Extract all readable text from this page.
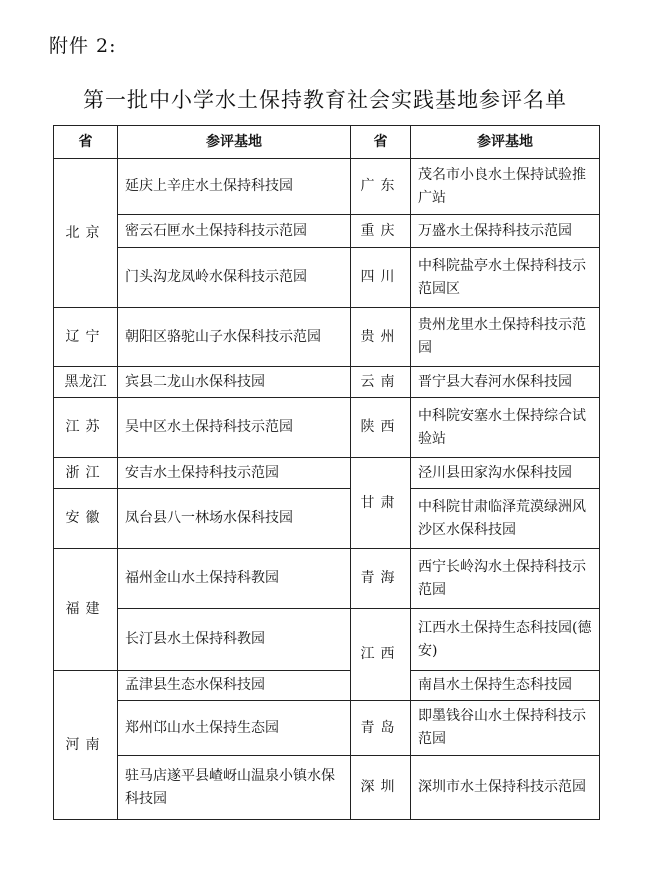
附件 2:
第一批中小学水土保持教育社会实践基地参评名单
省	参评基地	省	参评基地
北京	延庆上辛庄水土保持科技园	广东	茂名市小良水土保持试验推广站
	密云石匣水土保持科技示范园	重庆	万盛水土保持科技示范园
	门头沟龙凤岭水保科技示范园	四川	中科院盐亭水土保持科技示范园区
辽宁	朝阳区骆驼山子水保科技示范园	贵州	贵州龙里水土保持科技示范园
黑龙江	宾县二龙山水保科技园	云南	晋宁县大春河水保科技园
江苏	吴中区水土保持科技示范园	陕西	中科院安塞水土保持综合试验站
浙江	安吉水土保持科技示范园	甘肃	泾川县田家沟水保科技园
安徽	凤台县八一林场水保科技园		中科院甘肃临泽荒漠绿洲风沙区水保科技园
福建	福州金山水土保持科教园	青海	西宁长岭沟水土保持科技示范园
	长汀县水土保持科教园	江西	江西水土保持生态科技园(德安)
河南	孟津县生态水保科技园		南昌水土保持生态科技园
	郑州邙山水土保持生态园	青岛	即墨钱谷山水土保持科技示范园
	驻马店遂平县嵖岈山温泉小镇水保科技园	深圳	深圳市水土保持科技示范园
